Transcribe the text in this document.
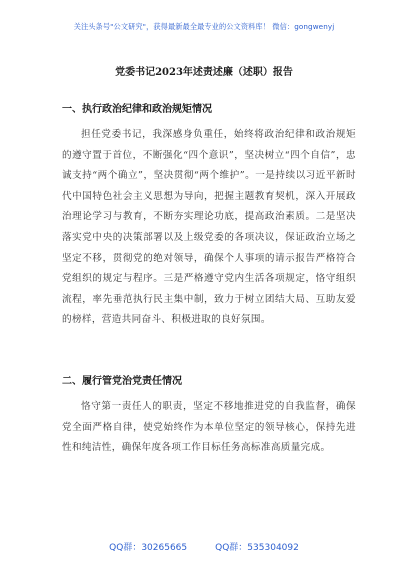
关注头条号"公文研究"，获得最新最全最专业的公文资料库！ 微信：gongwenyj
党委书记2023年述责述廉（述职）报告
一、执行政治纪律和政治规矩情况

担任党委书记，我深感身负重任，始终将政治纪律和政治规矩的遵守置于首位，不断强化“四个意识”，坚决树立“四个自信”，忠诚支持“两个确立”，坚决贯彻“两个维护”。一是持续以习近平新时代中国特色社会主义思想为导向，把握主题教育契机，深入开展政治理论学习与教育，不断夯实理论功底，提高政治素质。二是坚决落实党中央的决策部署以及上级党委的各项决议，保证政治立场之坚定不移，贯彻党的绝对领导，确保个人事项的请示报告严格符合党组织的规定与程序。三是严格遵守党内生活各项规定，恪守组织流程，率先垂范执行民主集中制，致力于树立团结大局、互助友爱的榜样，营造共同奋斗、积极进取的良好氛围。

二、履行管党治党责任情况

恪守第一责任人的职责，坚定不移地推进党的自我监督，确保党全面严格自律，使党始终作为本单位坚定的领导核心，保持先进性和纯洁性，确保年度各项工作目标任务高标准高质量完成。

QQ群：30265665	QQ群：535304092
